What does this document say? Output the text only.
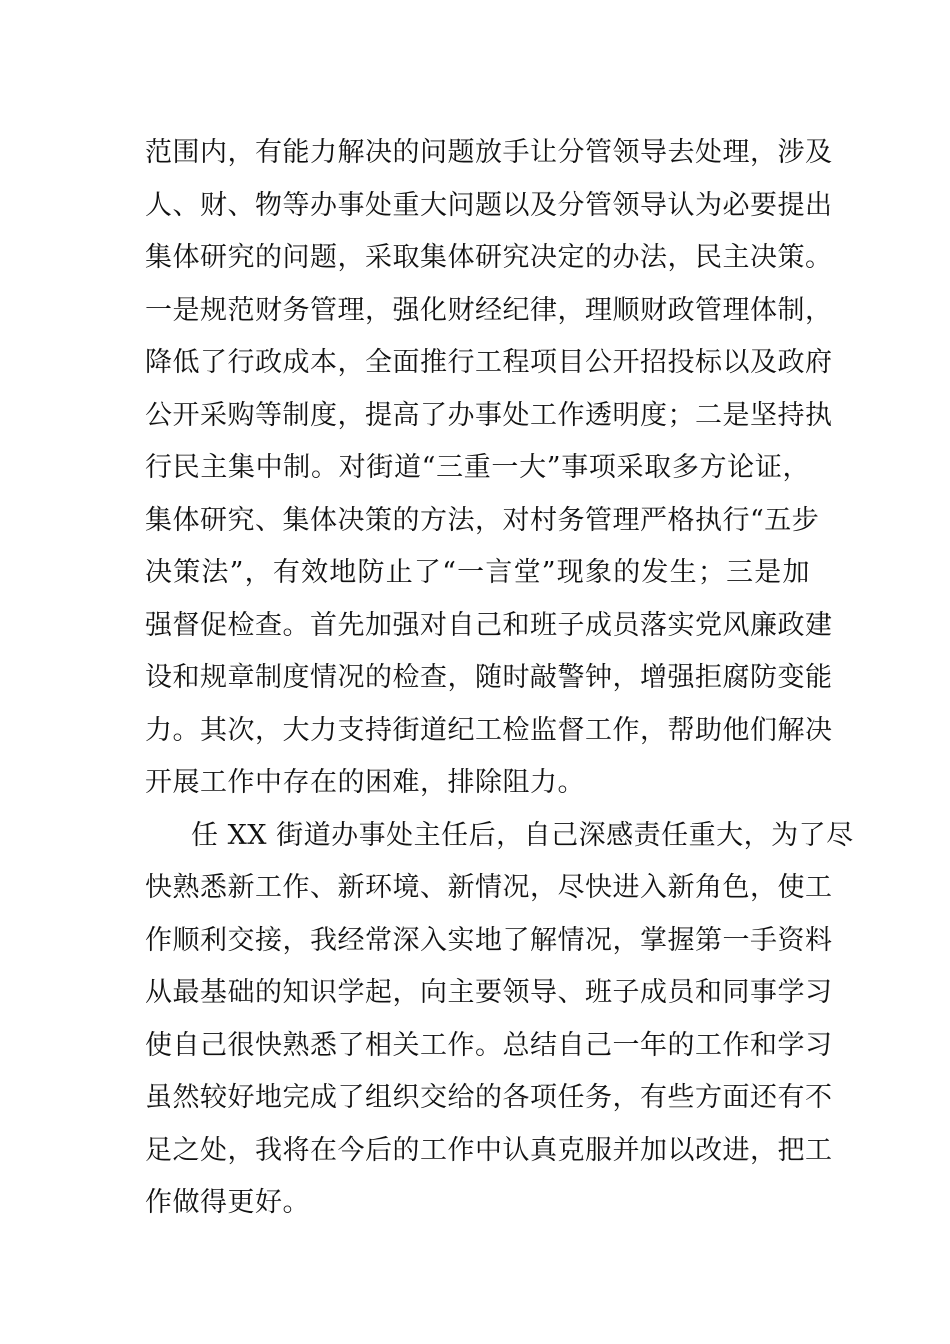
范围内，有能力解决的问题放手让分管领导去处理，涉及
人、财、物等办事处重大问题以及分管领导认为必要提出
集体研究的问题，采取集体研究决定的办法，民主决策。
一是规范财务管理，强化财经纪律，理顺财政管理体制，
降低了行政成本，全面推行工程项目公开招投标以及政府
公开采购等制度，提高了办事处工作透明度；二是坚持执
行民主集中制。对街道“三重一大”事项采取多方论证，
集体研究、集体决策的方法，对村务管理严格执行“五步
决策法”，有效地防止了“一言堂”现象的发生；三是加
强督促检查。首先加强对自己和班子成员落实党风廉政建
设和规章制度情况的检查，随时敲警钟，增强拒腐防变能
力。其次，大力支持街道纪工检监督工作，帮助他们解决
开展工作中存在的困难，排除阻力。
任 XX 街道办事处主任后，自己深感责任重大，为了尽
快熟悉新工作、新环境、新情况，尽快进入新角色，使工
作顺利交接，我经常深入实地了解情况，掌握第一手资料
从最基础的知识学起，向主要领导、班子成员和同事学习
使自己很快熟悉了相关工作。总结自己一年的工作和学习
虽然较好地完成了组织交给的各项任务，有些方面还有不
足之处，我将在今后的工作中认真克服并加以改进，把工
作做得更好。
